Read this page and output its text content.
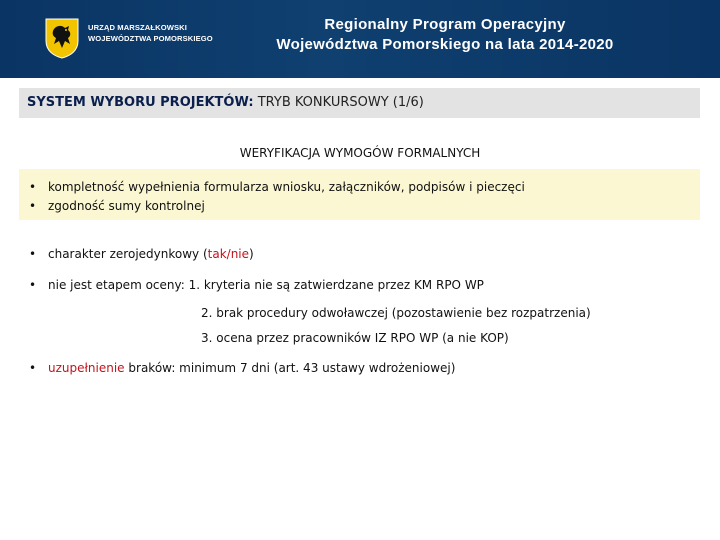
URZĄD MARSZAŁKOWSKI
WOJEWÓDZTWA POMORSKIEGO
Regionalny Program Operacyjny
Województwa Pomorskiego na lata 2014-2020
SYSTEM WYBORU PROJEKTÓW: TRYB KONKURSOWY (1/6)
WERYFIKACJA WYMOGÓW FORMALNYCH
• kompletność wypełnienia formularza wniosku, załączników, podpisów i pieczęci
• zgodność sumy kontrolnej
• charakter zerojedynkowy (tak/nie)
• nie jest etapem oceny: 1. kryteria nie są zatwierdzane przez KM RPO WP
2. brak procedury odwoławczej (pozostawienie bez rozpatrzenia)
3. ocena przez pracowników IZ RPO WP (a nie KOP)
• uzupełnienie braków: minimum 7 dni (art. 43 ustawy wdrożeniowej)
